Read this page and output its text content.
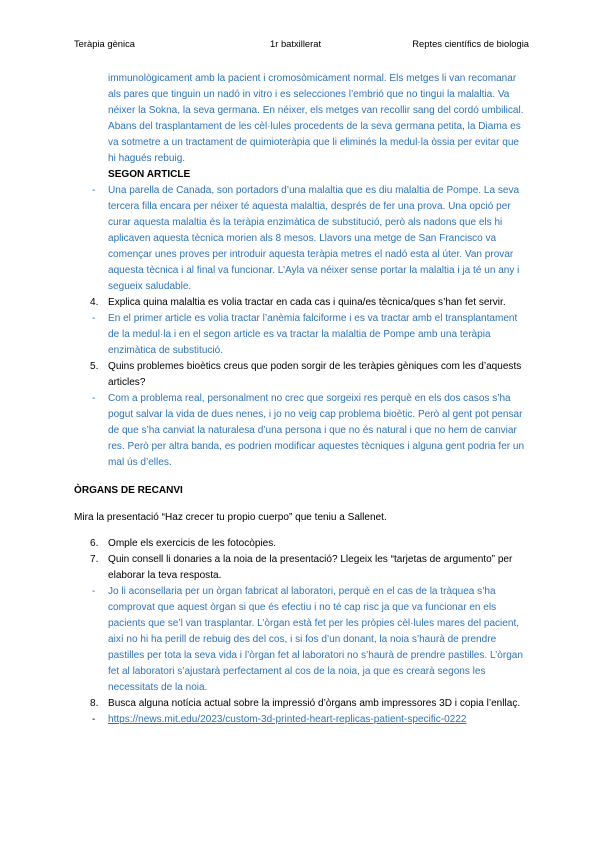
Teràpia gènica	1r batxillerat	Reptes científics de biologia

immunològicament amb la pacient i cromosòmicament normal. Els metges li van recomanar als pares que tinguin un nadó in vitro i es selecciones l’embrió que no tingui la malaltia. Va néixer la Sokna, la seva germana. En néixer, els metges van recollir sang del cordó umbilical. Abans del trasplantament de les cèl·lules procedents de la seva germana petita, la Diama es va sotmetre a un tractament de quimioteràpia que li eliminés la medul·la òssia per evitar que hi hagués rebuig.

SEGON ARTICLE

- Una parella de Canada, son portadors d’una malaltia que es diu malaltia de Pompe. La seva tercera filla encara per néixer té aquesta malaltia, després de fer una prova. Una opció per curar aquesta malaltia és la teràpia enzimàtica de substitució, però als nadons que els hi aplicaven aquesta tècnica morien als 8 mesos. Llavors una metge de San Francisco va començar unes proves per introduir aquesta teràpia metres el nadó esta al úter. Van provar aquesta tècnica i al final va funcionar. L’Ayla va néixer sense portar la malaltia i ja té un any i segueix saludable.

4. Explica quina malaltia es volia tractar en cada cas i quina/es tècnica/ques s’han fet servir.

- En el primer article es volia tractar l’anèmia falciforme i es va tractar amb el transplantament de la medul·la i en el segon article es va tractar la malaltia de Pompe amb una teràpia enzimàtica de substitució.

5. Quins problemes bioètics creus que poden sorgir de les teràpies gèniques com les d’aquests articles?

- Com a problema real, personalment no crec que sorgeixi res perquè en els dos casos s’ha pogut salvar la vida de dues nenes, i jo no veig cap problema bioètic. Però al gent pot pensar de que s’ha canviat la naturalesa d’una persona i que no és natural i que no hem de canviar res. Però per altra banda, es podrien modificar aquestes tècniques i alguna gent podria fer un mal ús d’elles.

ÒRGANS DE RECANVI

Mira la presentació “Haz crecer tu propio cuerpo” que teniu a Sallenet.

6. Omple els exercicis de les fotocòpies.

7. Quin consell li donaries a la noia de la presentació? Llegeix les “tarjetas de argumento” per elaborar la teva resposta.

- Jo li aconsellaria per un òrgan fabricat al laboratori, perquè en el cas de la tràquea s’ha comprovat que aquest òrgan si que és efectiu i no té cap risc ja que va funcionar en els pacients que se’l van trasplantar. L’òrgan està fet per les pròpies cèl·lules mares del pacient, així no hi ha perill de rebuig des del cos, i si fos d’un donant, la noia s’haurà de prendre pastilles per tota la seva vida i l’òrgan fet al laboratori no s’haurà de prendre pastilles. L’òrgan fet al laboratori s’ajustarà perfectament al cos de la noia, ja que es crearà segons les necessitats de la noia.

8. Busca alguna notícia actual sobre la impressió d’òrgans amb impressores 3D i copia l’enllaç.

- https://news.mit.edu/2023/custom-3d-printed-heart-replicas-patient-specific-0222
